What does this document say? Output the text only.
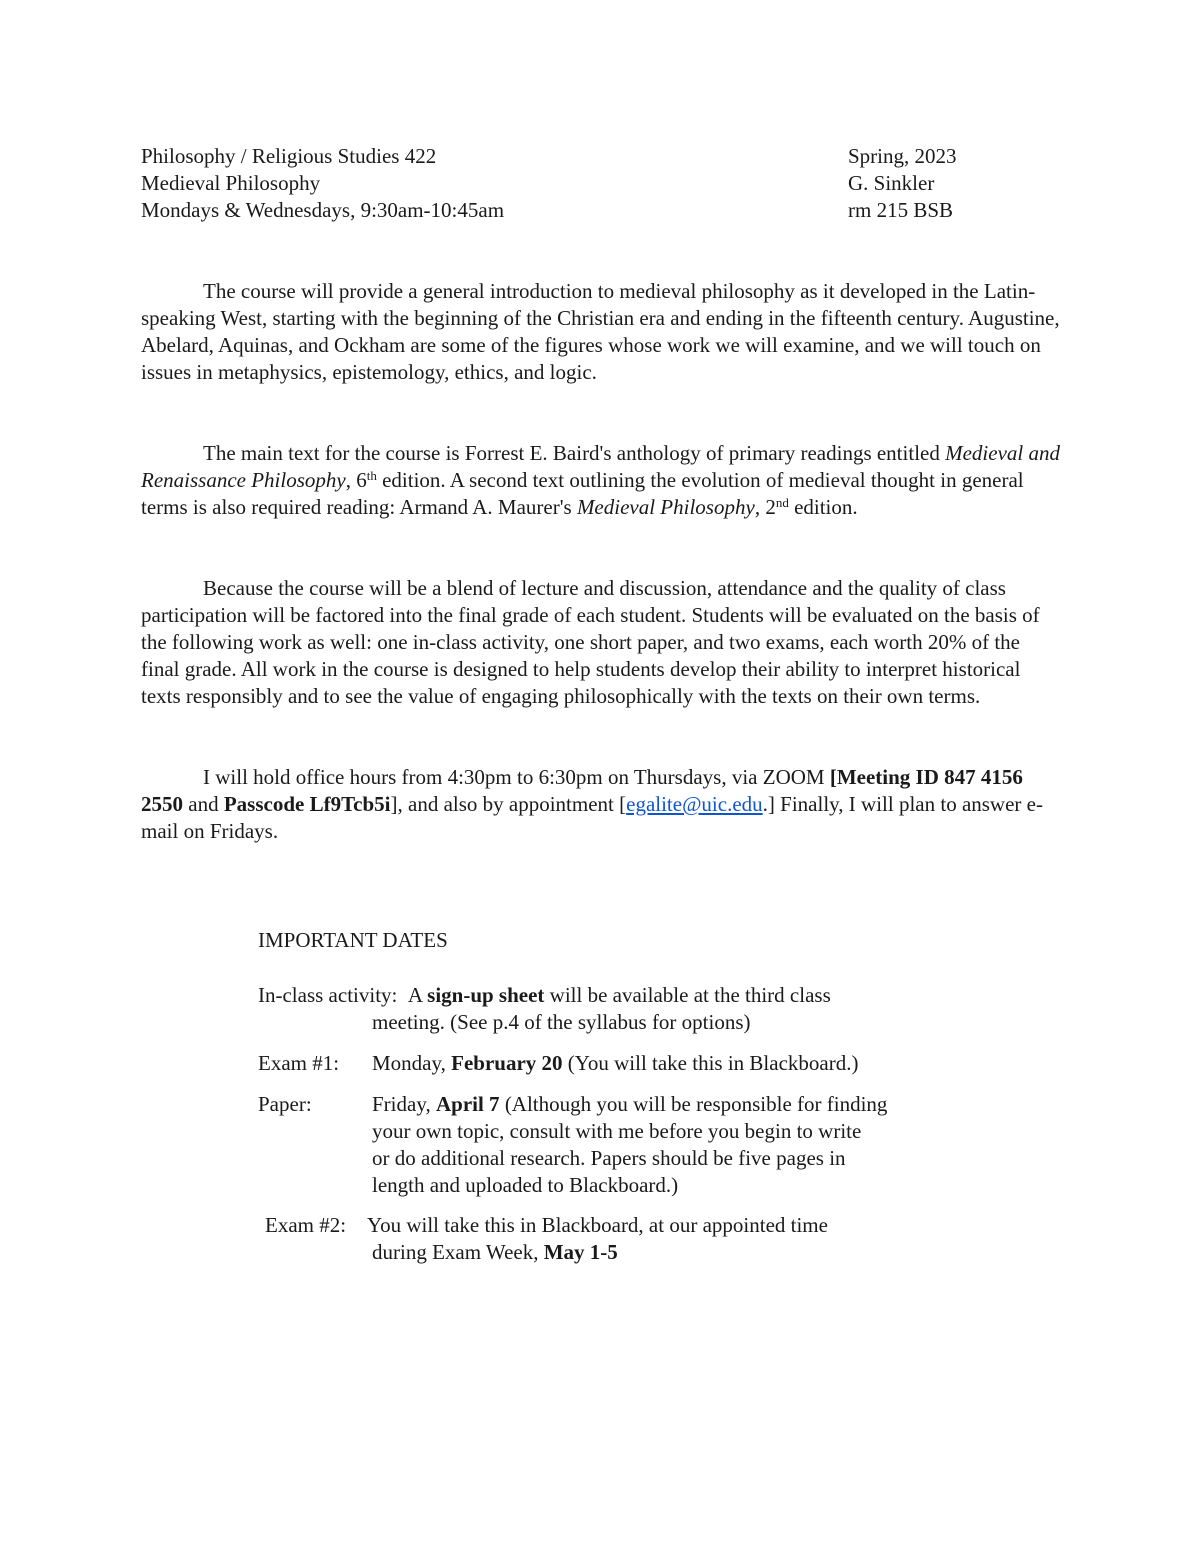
Philosophy / Religious Studies 422
Medieval Philosophy
Mondays & Wednesdays, 9:30am-10:45am
Spring, 2023
G. Sinkler
rm 215 BSB

The course will provide a general introduction to medieval philosophy as it developed in the Latin-speaking West, starting with the beginning of the Christian era and ending in the fifteenth century. Augustine, Abelard, Aquinas, and Ockham are some of the figures whose work we will examine, and we will touch on issues in metaphysics, epistemology, ethics, and logic.

The main text for the course is Forrest E. Baird's anthology of primary readings entitled Medieval and Renaissance Philosophy, 6th edition. A second text outlining the evolution of medieval thought in general terms is also required reading: Armand A. Maurer's Medieval Philosophy, 2nd edition.

Because the course will be a blend of lecture and discussion, attendance and the quality of class participation will be factored into the final grade of each student. Students will be evaluated on the basis of the following work as well: one in-class activity, one short paper, and two exams, each worth 20% of the final grade. All work in the course is designed to help students develop their ability to interpret historical texts responsibly and to see the value of engaging philosophically with the texts on their own terms.

I will hold office hours from 4:30pm to 6:30pm on Thursdays, via ZOOM [Meeting ID 847 4156 2550 and Passcode Lf9Tcb5i], and also by appointment [egalite@uic.edu.] Finally, I will plan to answer e-mail on Fridays.

IMPORTANT DATES
In-class activity: A sign-up sheet will be available at the third class
meeting. (See p.4 of the syllabus for options)
Exam #1: Monday, February 20 (You will take this in Blackboard.)
Paper:	Friday, April 7 (Although you will be responsible for finding
your own topic, consult with me before you begin to write
or do additional research. Papers should be five pages in
length and uploaded to Blackboard.)
Exam #2: You will take this in Blackboard, at our appointed time
during Exam Week, May 1-5
